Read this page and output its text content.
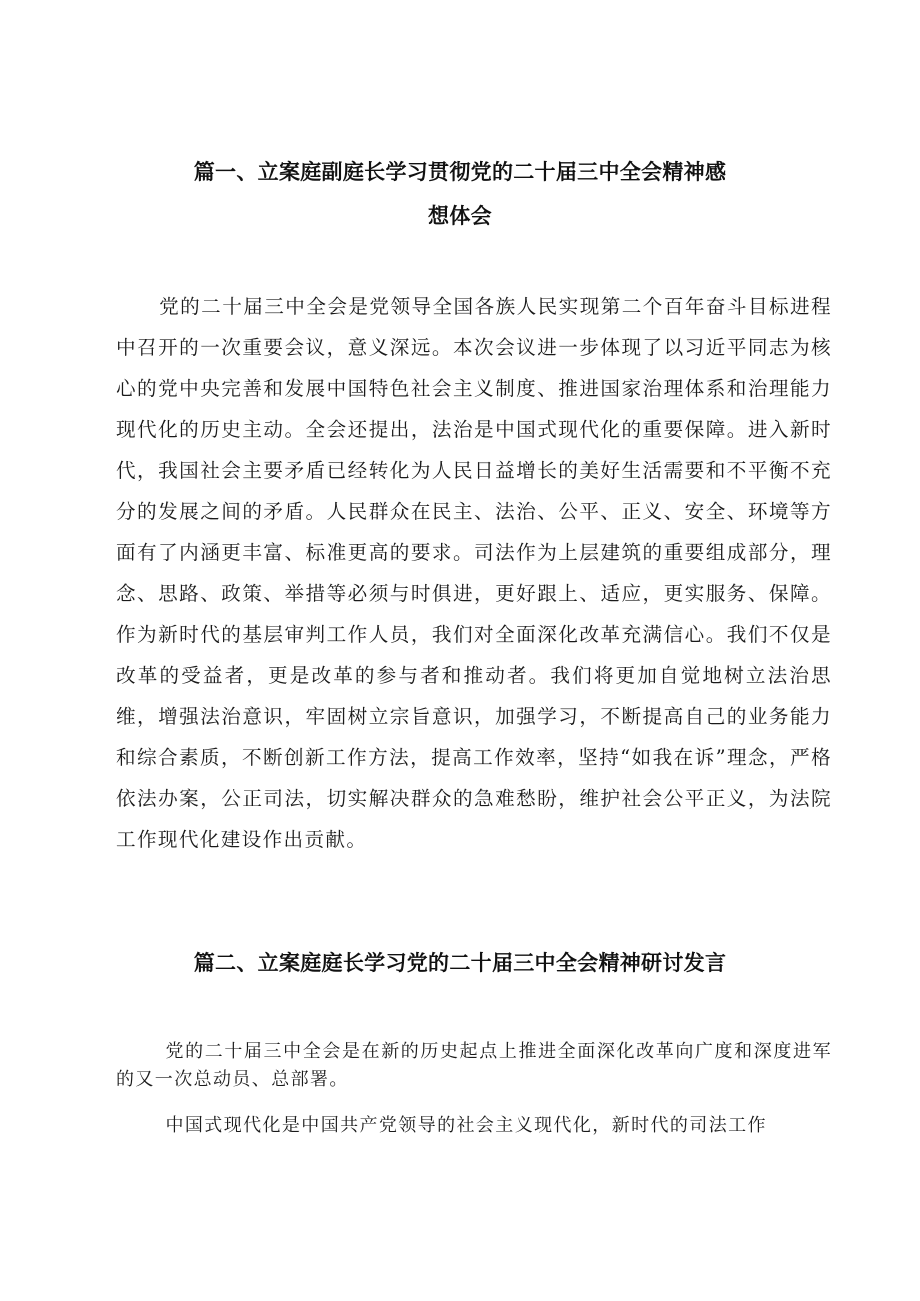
篇一、立案庭副庭长学习贯彻党的二十届三中全会精神感
想体会

党的二十届三中全会是党领导全国各族人民实现第二个百年奋斗目标进程中召开的一次重要会议，意义深远。本次会议进一步体现了以习近平同志为核心的党中央完善和发展中国特色社会主义制度、推进国家治理体系和治理能力现代化的历史主动。全会还提出，法治是中国式现代化的重要保障。进入新时代，我国社会主要矛盾已经转化为人民日益增长的美好生活需要和不平衡不充分的发展之间的矛盾。人民群众在民主、法治、公平、正义、安全、环境等方面有了内涵更丰富、标准更高的要求。司法作为上层建筑的重要组成部分，理念、思路、政策、举措等必须与时俱进，更好跟上、适应，更实服务、保障。作为新时代的基层审判工作人员，我们对全面深化改革充满信心。我们不仅是改革的受益者，更是改革的参与者和推动者。我们将更加自觉地树立法治思维，增强法治意识，牢固树立宗旨意识，加强学习，不断提高自己的业务能力和综合素质，不断创新工作方法，提高工作效率，坚持“如我在诉”理念，严格依法办案，公正司法，切实解决群众的急难愁盼，维护社会公平正义，为法院工作现代化建设作出贡献。

篇二、立案庭庭长学习党的二十届三中全会精神研讨发言

党的二十届三中全会是在新的历史起点上推进全面深化改革向广度和深度进军的又一次总动员、总部署。

中国式现代化是中国共产党领导的社会主义现代化，新时代的司法工作
